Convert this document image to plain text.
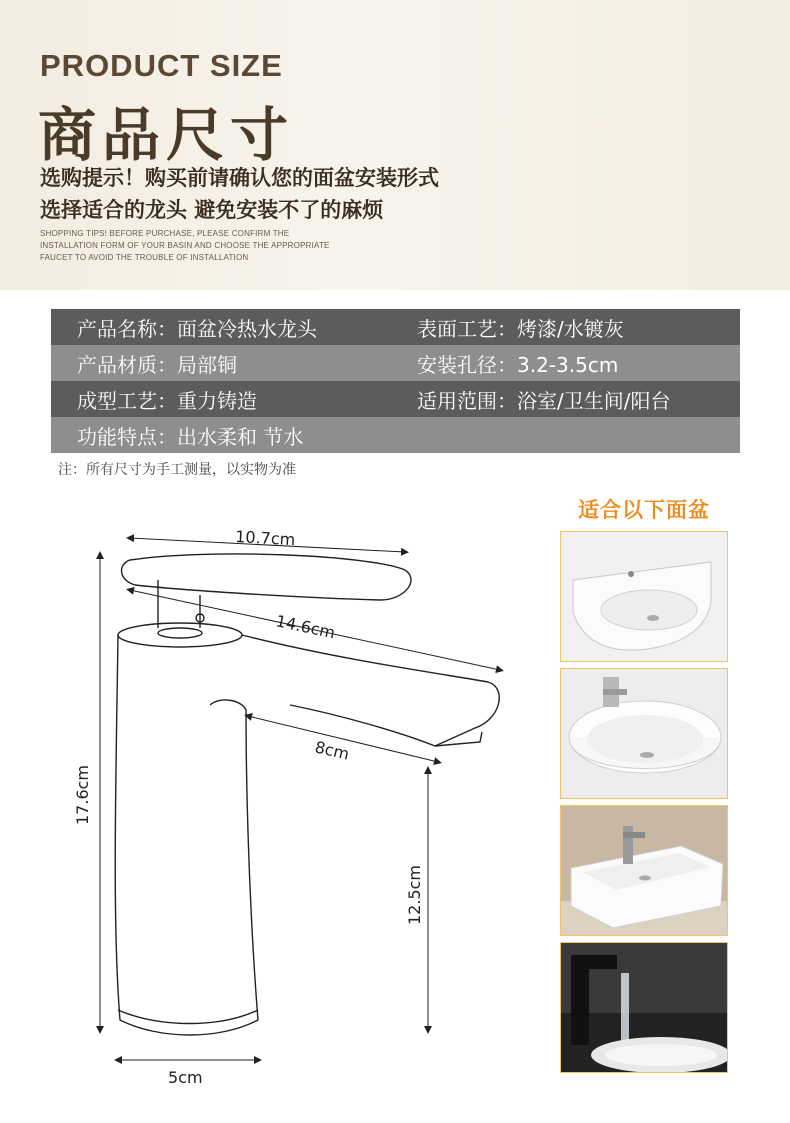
PRODUCT SIZE
商品尺寸
选购提示！购买前请确认您的面盆安装形式
选择适合的龙头 避免安装不了的麻烦
SHOPPING TIPS! BEFORE PURCHASE, PLEASE CONFIRM THE
INSTALLATION FORM OF YOUR BASIN AND CHOOSE THE APPROPRIATE
FAUCET TO AVOID THE TROUBLE OF INSTALLATION
产品名称：面盆冷热水龙头	表面工艺：烤漆/水镀灰
产品材质：局部铜	安装孔径：3.2-3.5cm
成型工艺：重力铸造	适用范围：浴室/卫生间/阳台
功能特点：出水柔和 节水
注：所有尺寸为手工测量，以实物为准
10.7cm
14.6cm
8cm
17.6cm
12.5cm
5cm
适合以下面盆
